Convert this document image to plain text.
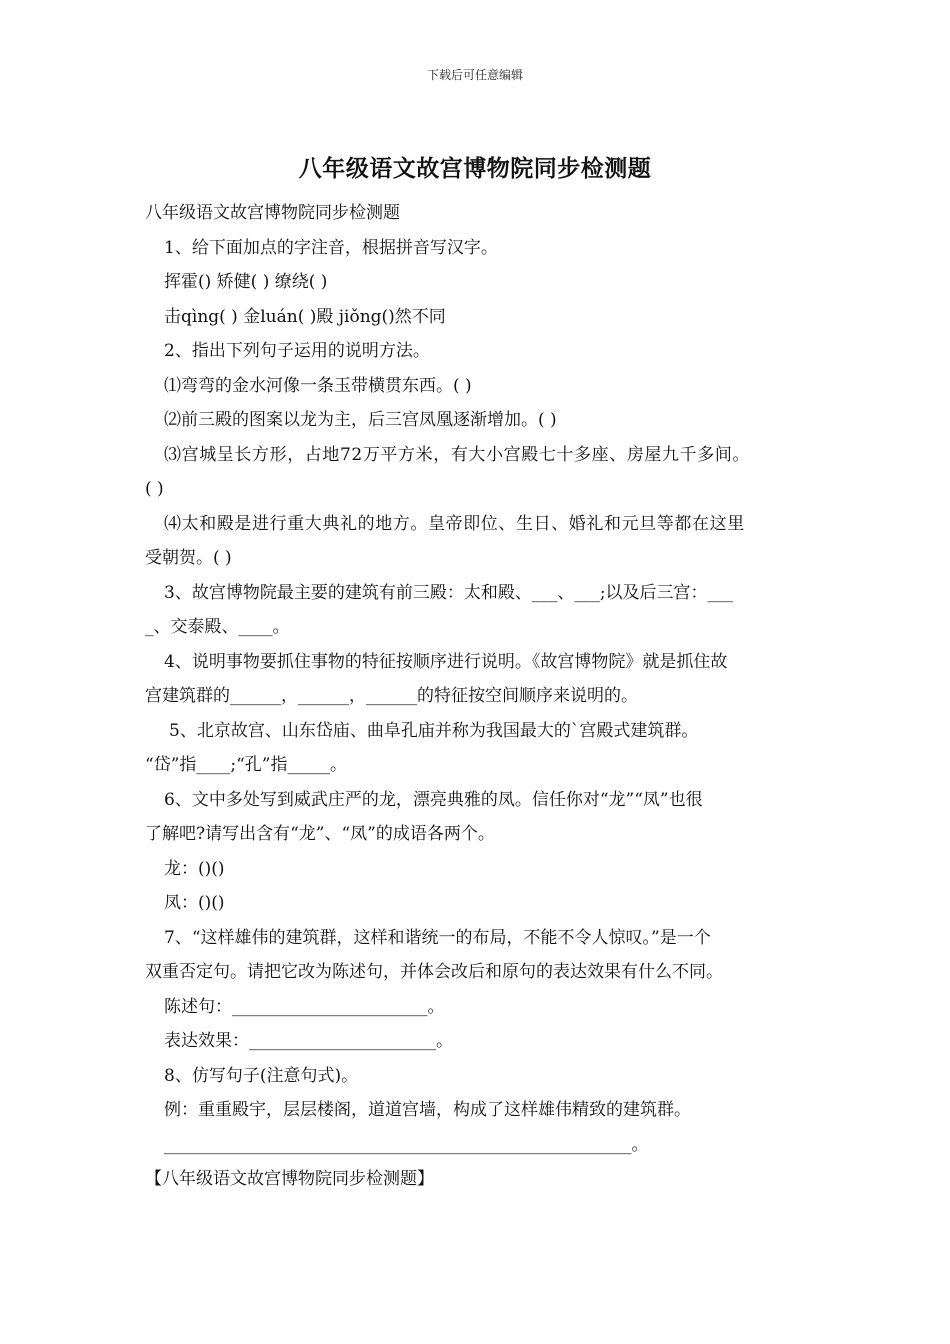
下载后可任意编辑
八年级语文故宫博物院同步检测题
八年级语文故宫博物院同步检测题
1、给下面加点的字注音，根据拼音写汉字。
挥霍() 矫健( ) 缭绕( )
击qìng( ) 金luán( )殿 jiǒng()然不同
2、指出下列句子运用的说明方法。
⑴弯弯的金水河像一条玉带横贯东西。( )
⑵前三殿的图案以龙为主，后三宫凤凰逐渐增加。( )
⑶宫城呈长方形，占地72万平方米，有大小宫殿七十多座、房屋九千多间。
( )
⑷太和殿是进行重大典礼的地方。皇帝即位、生日、婚礼和元旦等都在这里
受朝贺。( )
3、故宫博物院最主要的建筑有前三殿：太和殿、___、___;以及后三宫：___
_、交泰殿、____。
4、说明事物要抓住事物的特征按顺序进行说明。《故宫博物院》就是抓住故
宫建筑群的______，______，______的特征按空间顺序来说明的。
5、北京故宫、山东岱庙、曲阜孔庙并称为我国最大的`宫殿式建筑群。
“岱”指____;“孔”指_____。
6、文中多处写到威武庄严的龙，漂亮典雅的凤。信任你对“龙”“凤”也很
了解吧?请写出含有“龙”、“凤”的成语各两个。
龙：()()
凤：()()
7、“这样雄伟的建筑群，这样和谐统一的布局，不能不令人惊叹。”是一个
双重否定句。请把它改为陈述句，并体会改后和原句的表达效果有什么不同。
陈述句：_______________________。
表达效果：______________________。
8、仿写句子(注意句式)。
例：重重殿宇，层层楼阁，道道宫墙，构成了这样雄伟精致的建筑群。
_______________________________________________________。
【八年级语文故宫博物院同步检测题】
